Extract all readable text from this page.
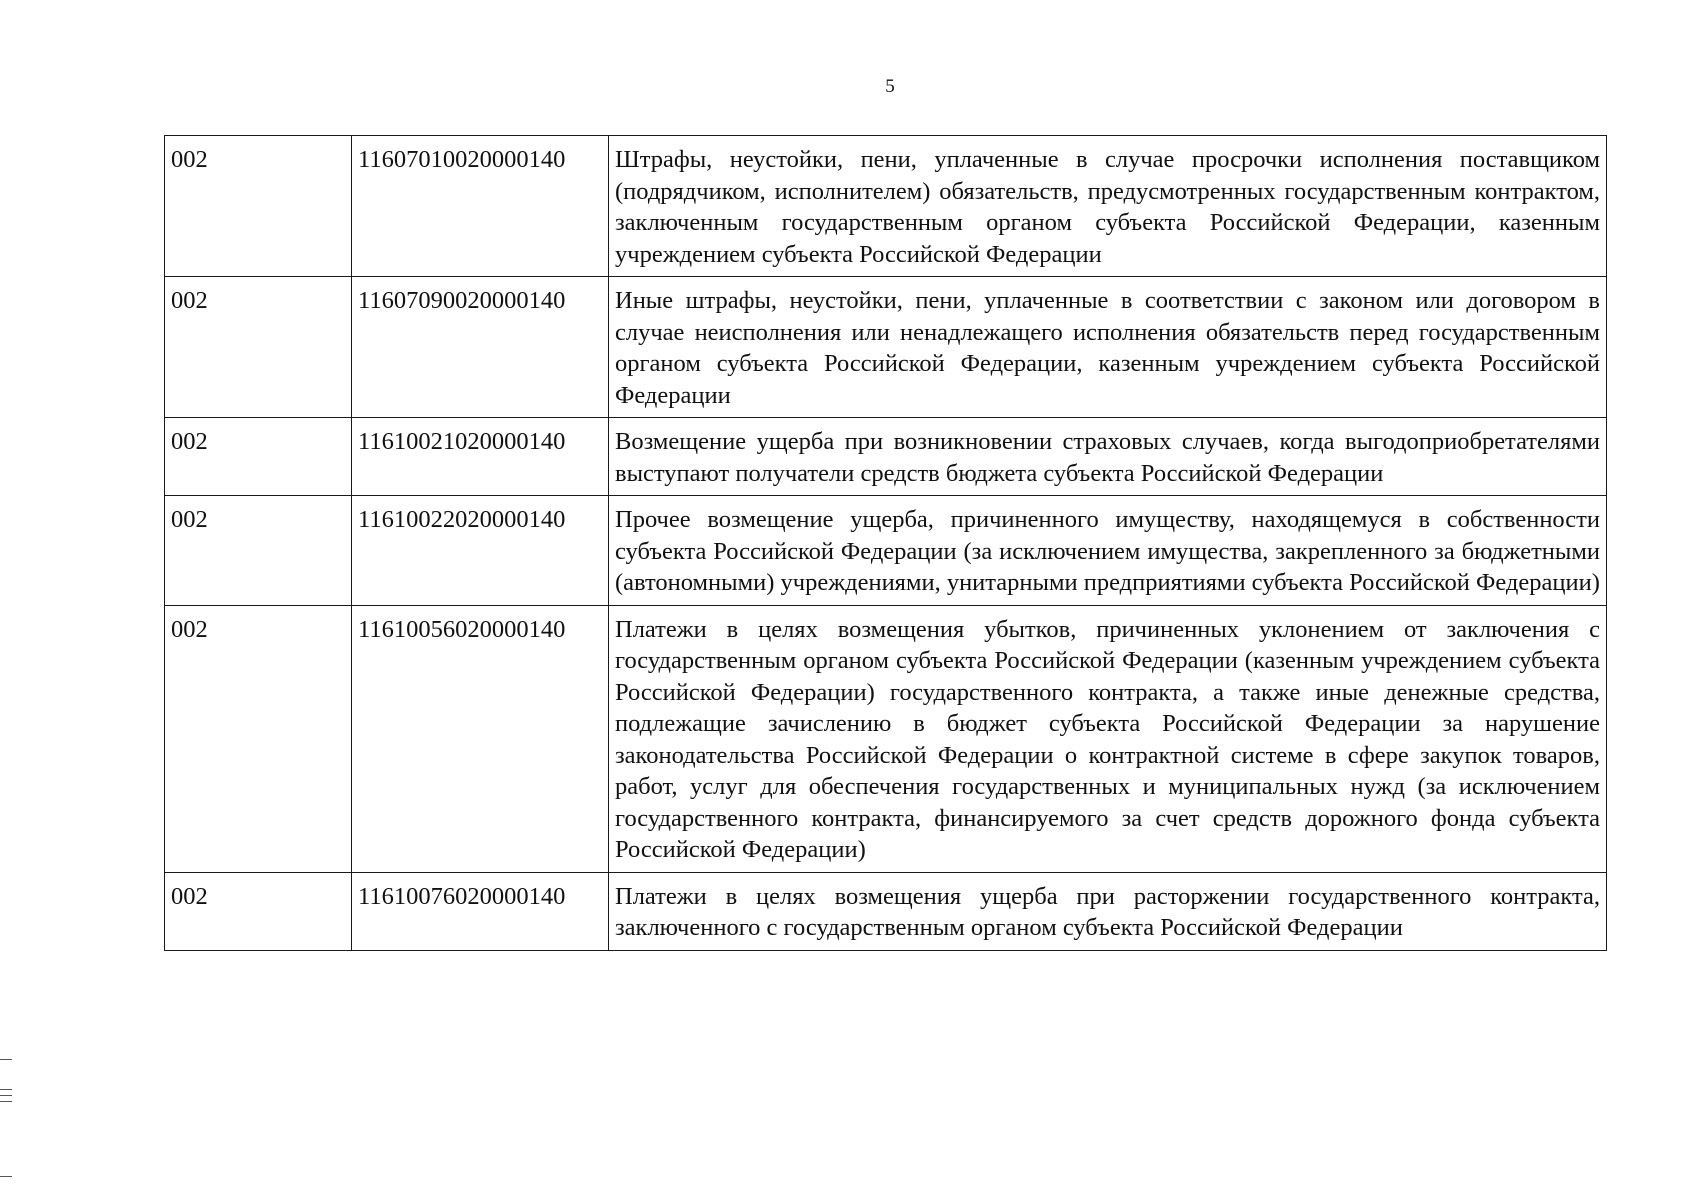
5
002	11607010020000140	Штрафы, неустойки, пени, уплаченные в случае просрочки исполнения поставщиком (подрядчиком, исполнителем) обязательств, предусмотренных государственным контрактом, заключенным государственным органом субъекта Российской Федерации, казенным учреждением субъекта Российской Федерации
002	11607090020000140	Иные штрафы, неустойки, пени, уплаченные в соответствии с законом или договором в случае неисполнения или ненадлежащего исполнения обязательств перед государственным органом субъекта Российской Федерации, казенным учреждением субъекта Российской Федерации
002	11610021020000140	Возмещение ущерба при возникновении страховых случаев, когда выгодоприобретателями выступают получатели средств бюджета субъекта Российской Федерации
002	11610022020000140	Прочее возмещение ущерба, причиненного имуществу, находящемуся в собственности субъекта Российской Федерации (за исключением имущества, закрепленного за бюджетными (автономными) учреждениями, унитарными предприятиями субъекта Российской Федерации)
002	11610056020000140	Платежи в целях возмещения убытков, причиненных уклонением от заключения с государственным органом субъекта Российской Федерации (казенным учреждением субъекта Российской Федерации) государственного контракта, а также иные денежные средства, подлежащие зачислению в бюджет субъекта Российской Федерации за нарушение законодательства Российской Федерации о контрактной системе в сфере закупок товаров, работ, услуг для обеспечения государственных и муниципальных нужд (за исключением государственного контракта, финансируемого за счет средств дорожного фонда субъекта Российской Федерации)
002	11610076020000140	Платежи в целях возмещения ущерба при расторжении государственного контракта, заключенного с государственным органом субъекта Российской Федерации
